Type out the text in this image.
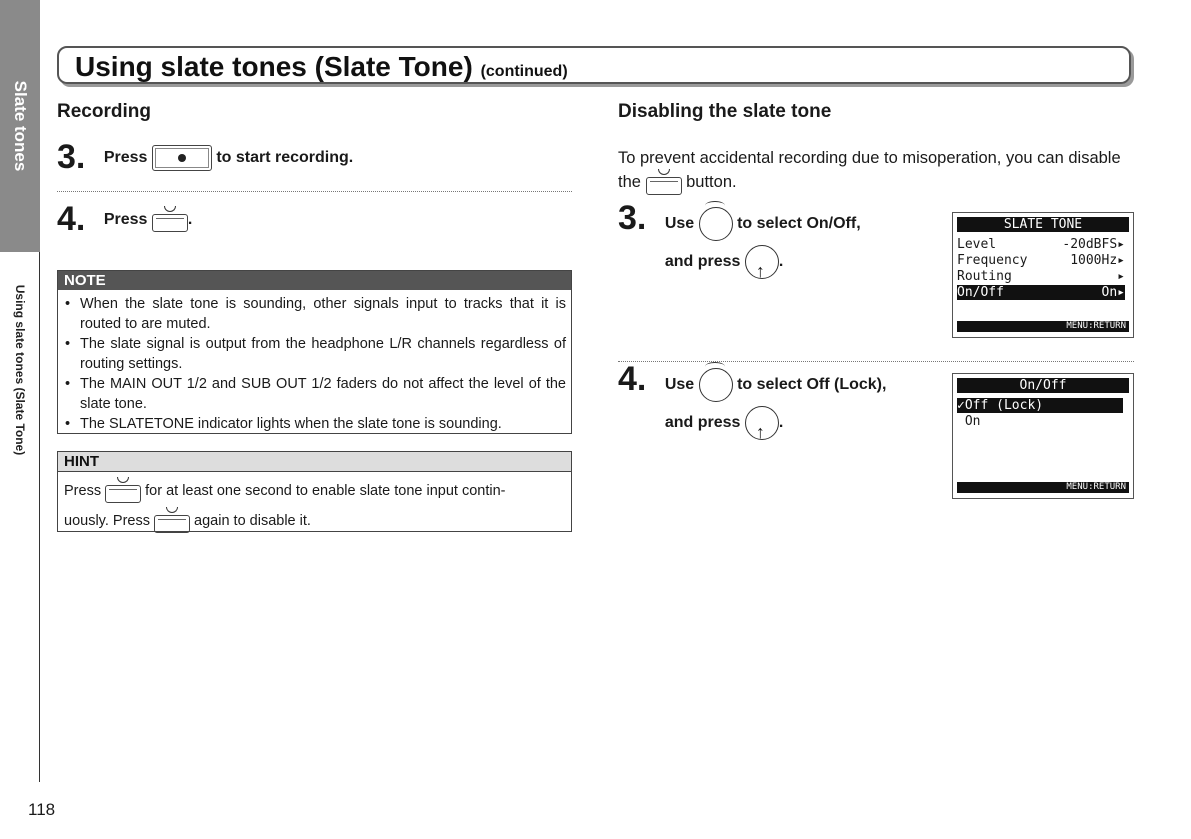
Slate tones
Using slate tones (Slate Tone)
118
Using slate tones (Slate Tone) (continued)
Recording
3. Press	to start recording.
4. Press	.
NOTE
• When the slate tone is sounding, other signals input to tracks that it is routed to are muted.
• The slate signal is output from the headphone L/R channels regardless of routing settings.
• The MAIN OUT 1/2 and SUB OUT 1/2 faders do not affect the level of the slate tone.
• The SLATETONE indicator lights when the slate tone is sounding.
HINT
Press	for at least one second to enable slate tone input contin-
uously. Press	again to disable it.
Disabling the slate tone
To prevent accidental recording due to misoperation, you can disable the	button.
3. Use	to select On/Off,
and press ↑ .
SLATE TONE
Level	-20dBFS▸
Frequency	1000Hz▸
Routing	▸
On/Off	On▸
MENU:RETURN
4. Use	to select Off (Lock),
and press ↑ .
On/Off
✓Off (Lock)
On
MENU:RETURN
